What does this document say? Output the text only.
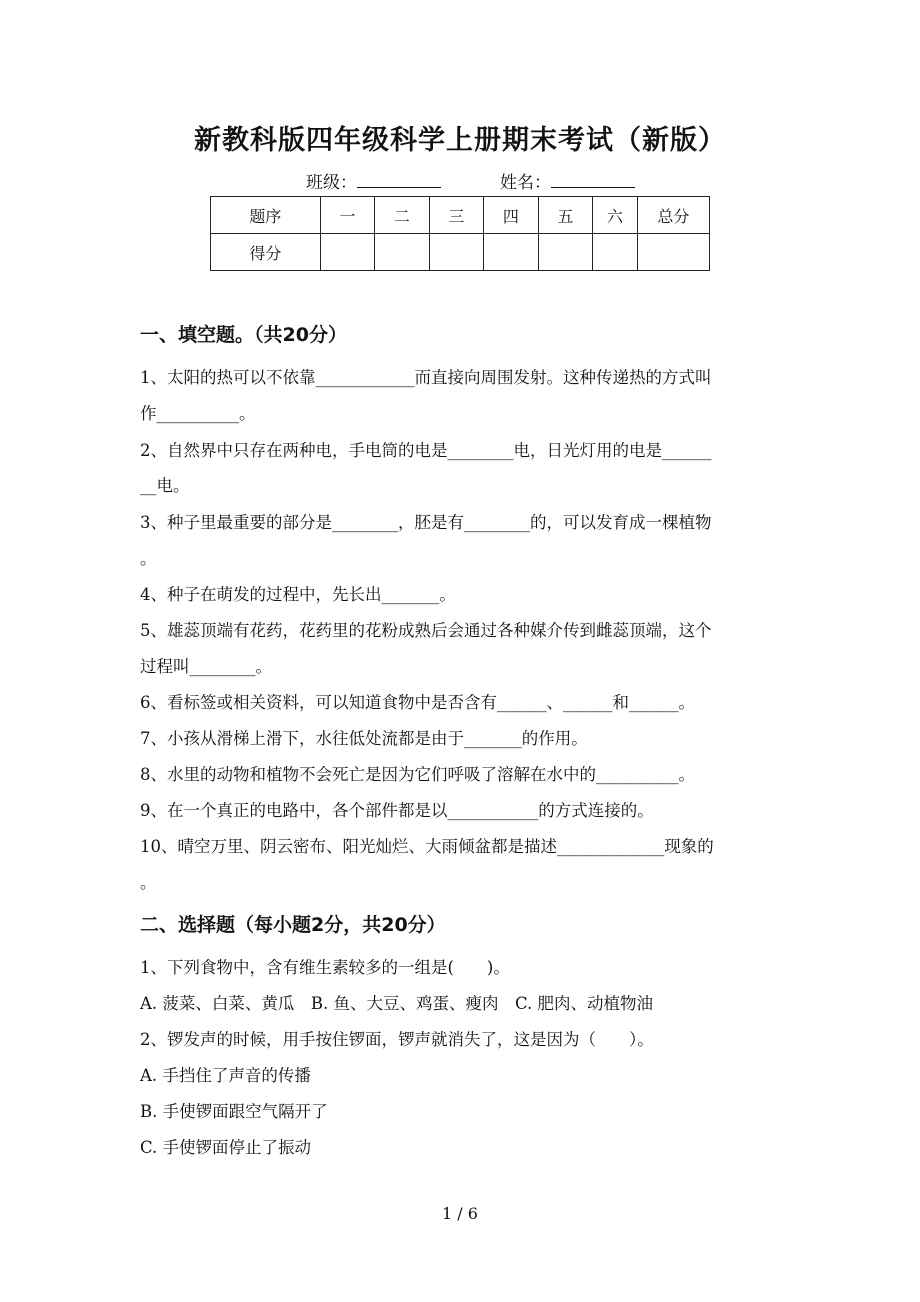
新教科版四年级科学上册期末考试（新版）
班级：	姓名：
题序	一	二	三	四	五	六	总分
得分							
一、填空题。（共20分）
1、太阳的热可以不依靠____________而直接向周围发射。这种传递热的方式叫
作__________。
2、自然界中只存在两种电，手电筒的电是________电，日光灯用的电是______
__电。
3、种子里最重要的部分是________，胚是有________的，可以发育成一棵植物
。
4、种子在萌发的过程中，先长出_______。
5、雄蕊顶端有花药，花药里的花粉成熟后会通过各种媒介传到雌蕊顶端，这个
过程叫________。
6、看标签或相关资料，可以知道食物中是否含有______、______和______。
7、小孩从滑梯上滑下，水往低处流都是由于_______的作用。
8、水里的动物和植物不会死亡是因为它们呼吸了溶解在水中的__________。
9、在一个真正的电路中，各个部件都是以___________的方式连接的。
10、晴空万里、阴云密布、阳光灿烂、大雨倾盆都是描述_____________现象的
。
二、选择题（每小题2分，共20分）
1、下列食物中，含有维生素较多的一组是(　　)。
A. 菠菜、白菜、黄瓜　B. 鱼、大豆、鸡蛋、瘦肉　C. 肥肉、动植物油
2、锣发声的时候，用手按住锣面，锣声就消失了，这是因为（　　）。
A. 手挡住了声音的传播
B. 手使锣面跟空气隔开了
C. 手使锣面停止了振动
1 / 6
